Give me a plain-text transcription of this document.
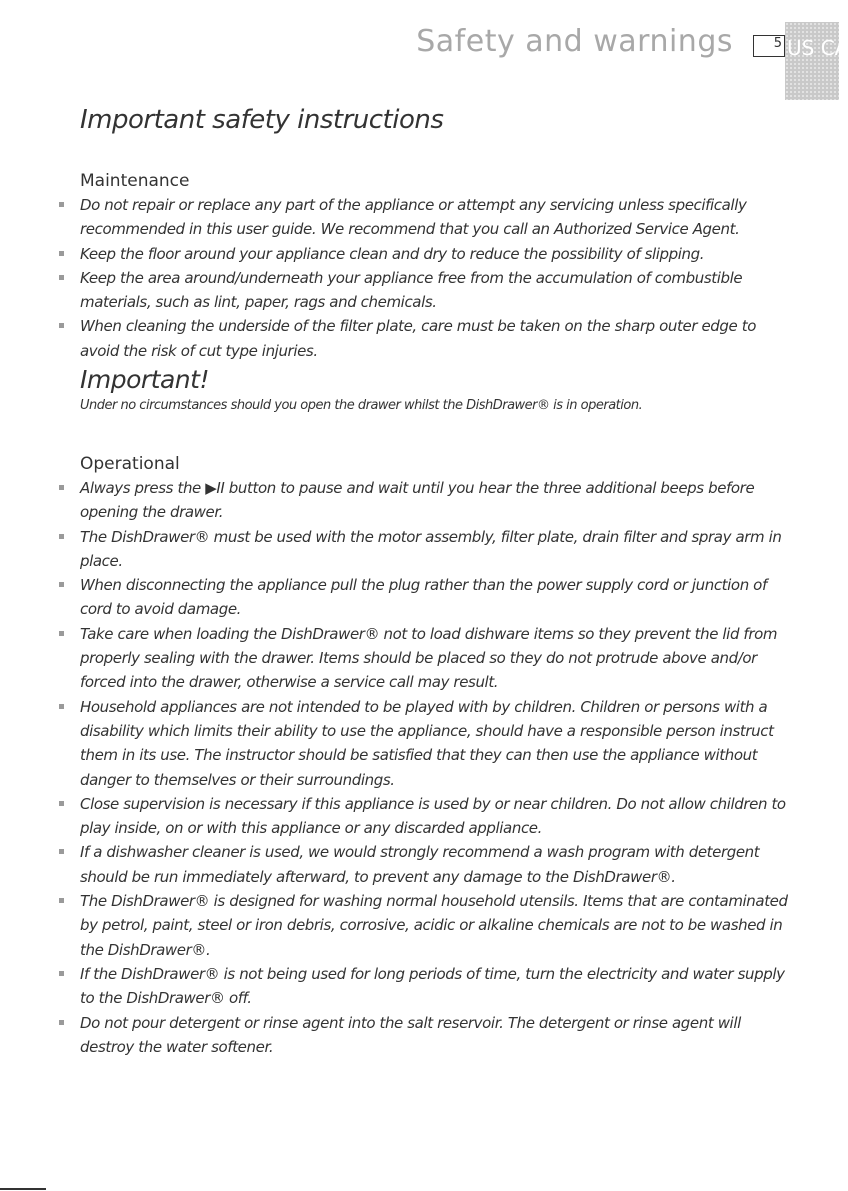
Safety and warnings	5 US CA
Important safety instructions
Maintenance
Do not repair or replace any part of the appliance or attempt any servicing unless specifically recommended in this user guide. We recommend that you call an Authorized Service Agent.
Keep the floor around your appliance clean and dry to reduce the possibility of slipping.
Keep the area around/underneath your appliance free from the accumulation of combustible materials, such as lint, paper, rags and chemicals.
When cleaning the underside of the filter plate, care must be taken on the sharp outer edge to avoid the risk of cut type injuries.
Important!
Under no circumstances should you open the drawer whilst the DishDrawer® is in operation.
Operational
Always press the ▶II button to pause and wait until you hear the three additional beeps before opening the drawer.
The DishDrawer® must be used with the motor assembly, filter plate, drain filter and spray arm in place.
When disconnecting the appliance pull the plug rather than the power supply cord or junction of cord to avoid damage.
Take care when loading the DishDrawer® not to load dishware items so they prevent the lid from properly sealing with the drawer. Items should be placed so they do not protrude above and/or forced into the drawer, otherwise a service call may result.
Household appliances are not intended to be played with by children. Children or persons with a disability which limits their ability to use the appliance, should have a responsible person instruct them in its use. The instructor should be satisfied that they can then use the appliance without danger to themselves or their surroundings.
Close supervision is necessary if this appliance is used by or near children. Do not allow children to play inside, on or with this appliance or any discarded appliance.
If a dishwasher cleaner is used, we would strongly recommend a wash program with detergent should be run immediately afterward, to prevent any damage to the DishDrawer®.
The DishDrawer® is designed for washing normal household utensils. Items that are contaminated by petrol, paint, steel or iron debris, corrosive, acidic or alkaline chemicals are not to be washed in the DishDrawer®.
If the DishDrawer® is not being used for long periods of time, turn the electricity and water supply to the DishDrawer® off.
Do not pour detergent or rinse agent into the salt reservoir. The detergent or rinse agent will destroy the water softener.
